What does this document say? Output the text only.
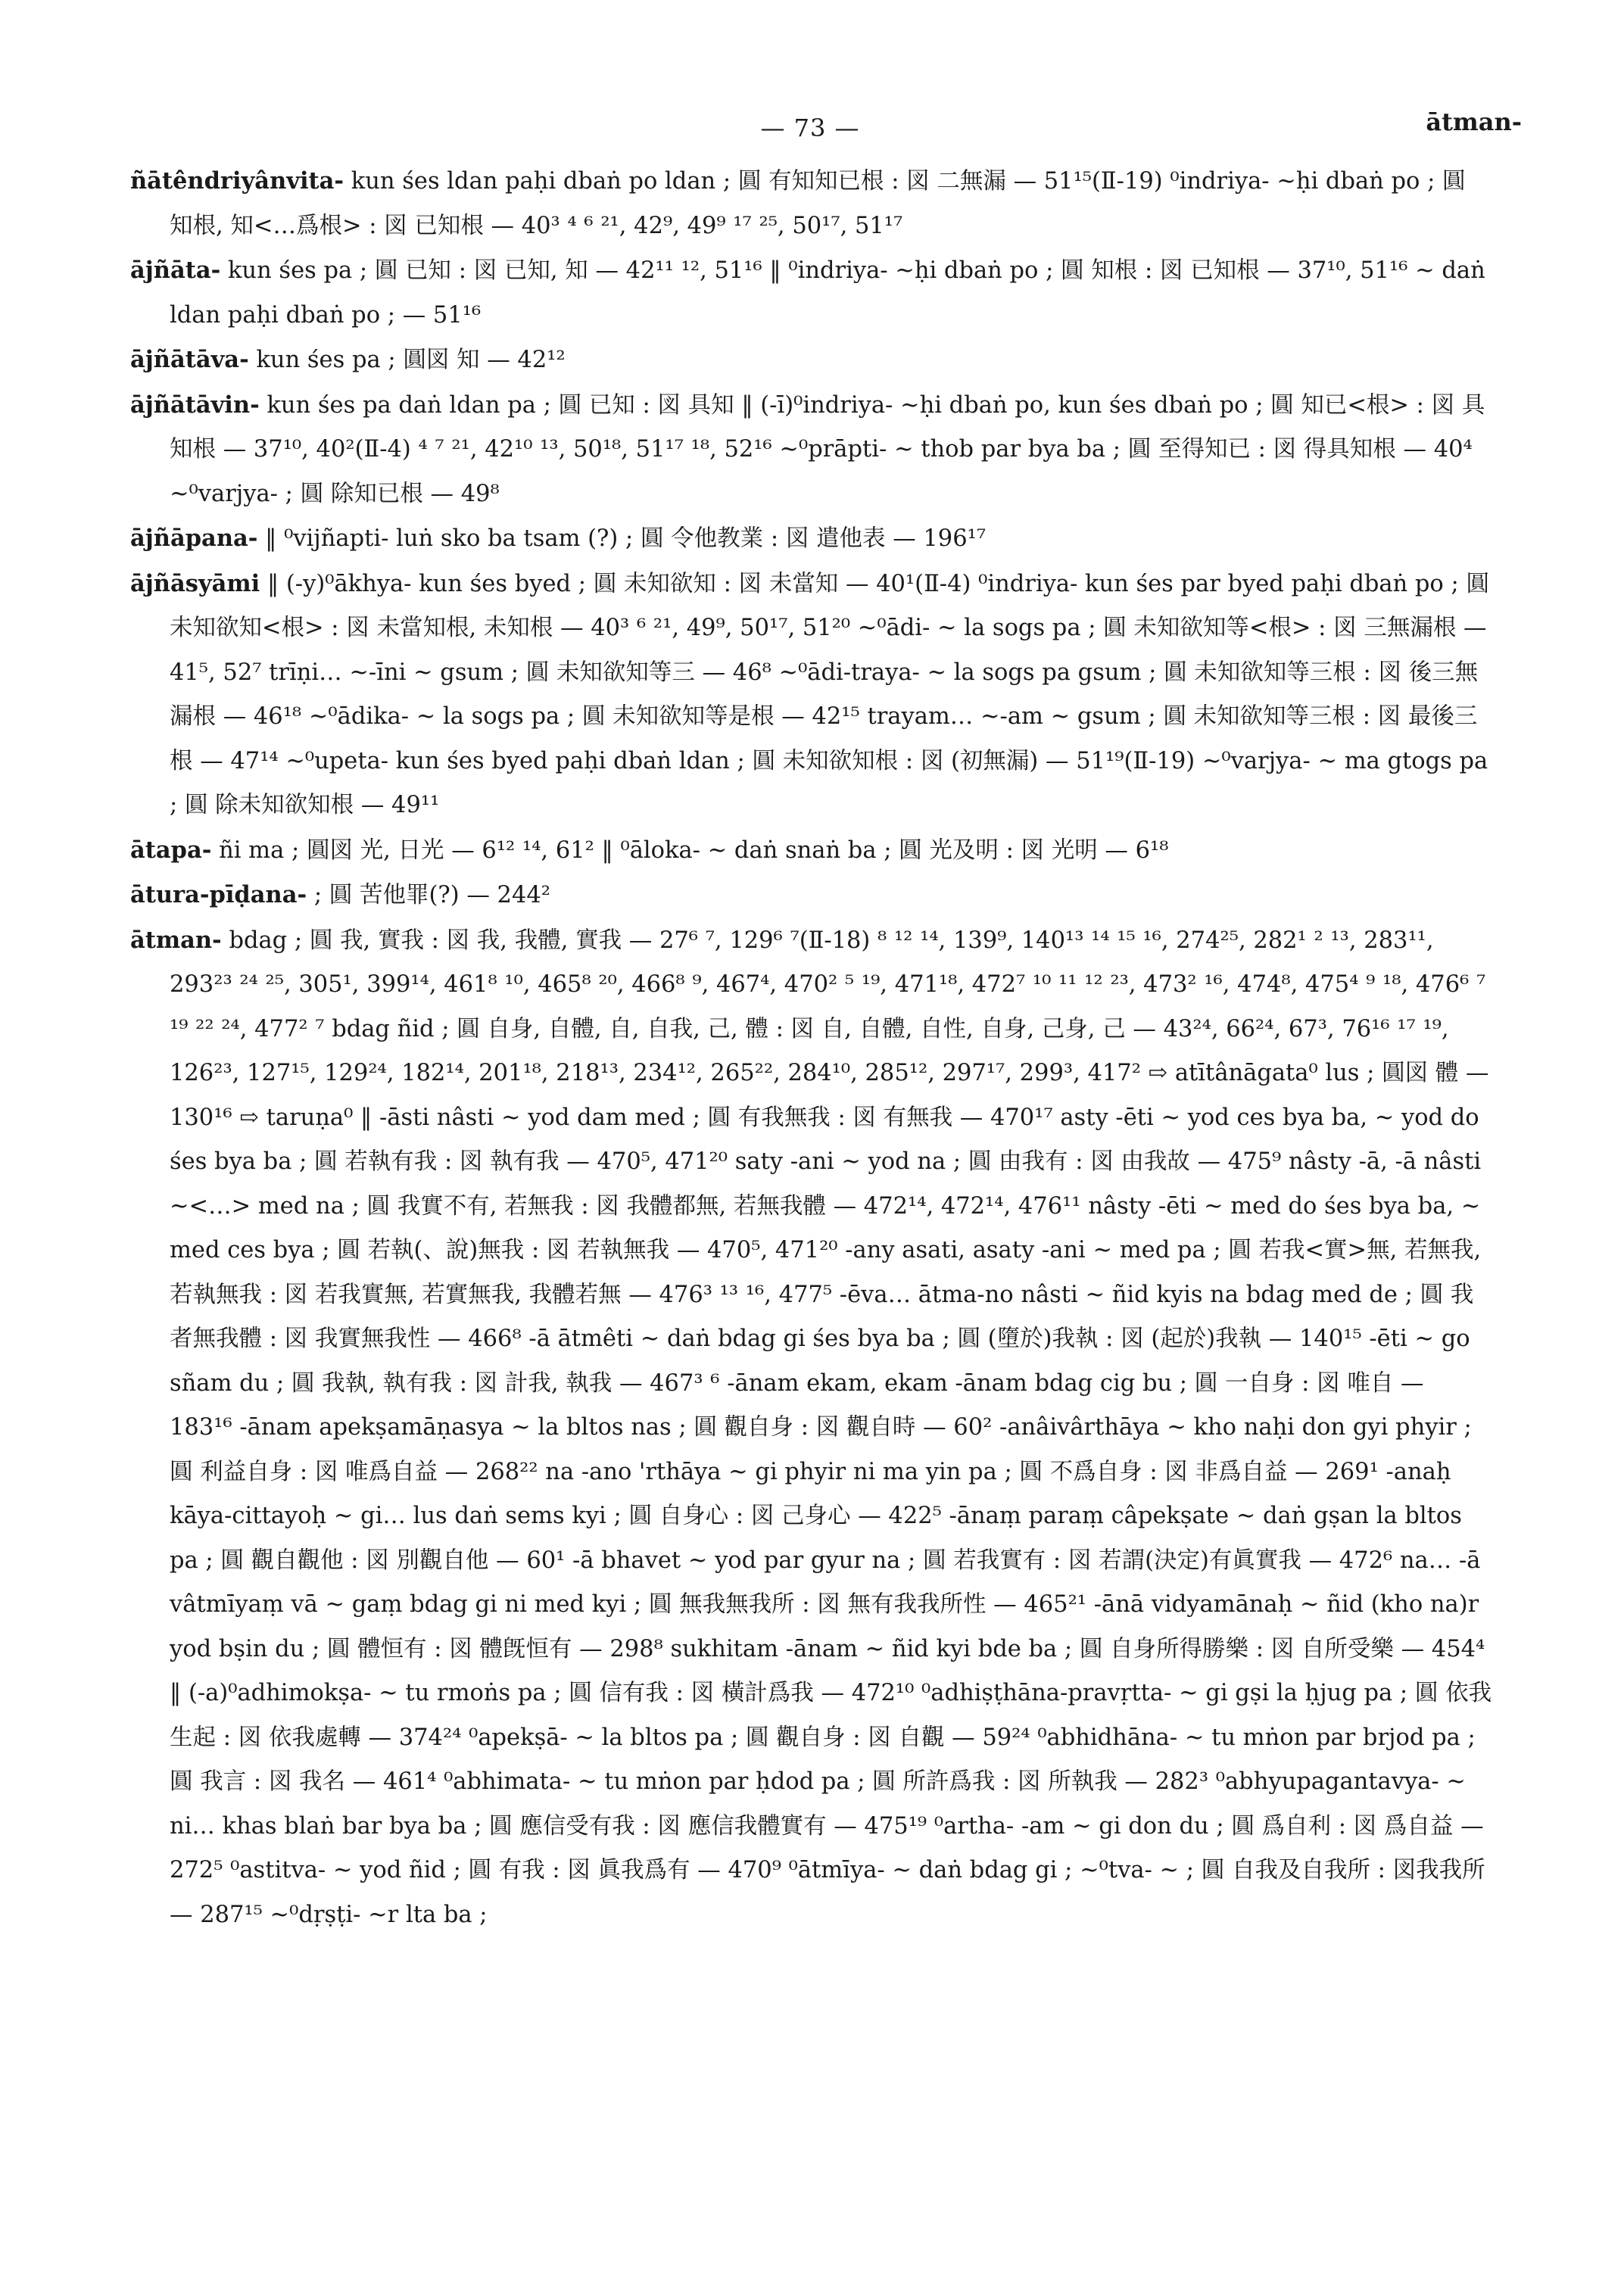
— 73 —	ātman-
ñātêndriyânvita- kun śes ldan paḥi dbaṅ po ldan ; 圓 有知知已根 : 図 二無漏 — 51¹⁵(Ⅱ-19) ⁰indriya- ~ḥi dbaṅ po ; 圓 知根, 知<…爲根> : 図 已知根 — 40³ ⁴ ⁶ ²¹, 42⁹, 49⁹ ¹⁷ ²⁵, 50¹⁷, 51¹⁷
ājñāta- kun śes pa ; 圓 已知 : 図 已知, 知 — 42¹¹ ¹², 51¹⁶ ‖ ⁰indriya- ~ḥi dbaṅ po ; 圓 知根 : 図 已知根 — 37¹⁰, 51¹⁶ ~ daṅ ldan paḥi dbaṅ po ; — 51¹⁶
ājñātāva- kun śes pa ; 圓図 知 — 42¹²
ājñātāvin- kun śes pa daṅ ldan pa ; 圓 已知 : 図 具知 ‖ (-ī)⁰indriya- ~ḥi dbaṅ po, kun śes dbaṅ po ; 圓 知已<根> : 図 具知根 — 37¹⁰, 40²(Ⅱ-4) ⁴ ⁷ ²¹, 42¹⁰ ¹³, 50¹⁸, 51¹⁷ ¹⁸, 52¹⁶ ~⁰prāpti- ~ thob par bya ba ; 圓 至得知已 : 図 得具知根 — 40⁴ ~⁰varjya- ; 圓 除知已根 — 49⁸
ājñāpana- ‖ ⁰vijñapti- luṅ sko ba tsam (?) ; 圓 令他教業 : 図 遣他表 — 196¹⁷
ājñāsyāmi ‖ (-y)⁰ākhya- kun śes byed ; 圓 未知欲知 : 図 未當知 — 40¹(Ⅱ-4) ⁰indriya- kun śes par byed paḥi dbaṅ po ; 圓 未知欲知<根> : 図 未當知根, 未知根 — 40³ ⁶ ²¹, 49⁹, 50¹⁷, 51²⁰ ~⁰ādi- ~ la sogs pa ; 圓 未知欲知等<根> : 図 三無漏根 — 41⁵, 52⁷ trīṇi… ~-īni ~ gsum ; 圓 未知欲知等三 — 46⁸ ~⁰ādi-traya- ~ la sogs pa gsum ; 圓 未知欲知等三根 : 図 後三無漏根 — 46¹⁸ ~⁰ādika- ~ la sogs pa ; 圓 未知欲知等是根 — 42¹⁵ trayam… ~-am ~ gsum ; 圓 未知欲知等三根 : 図 最後三根 — 47¹⁴ ~⁰upeta- kun śes byed paḥi dbaṅ ldan ; 圓 未知欲知根 : 図 (初無漏) — 51¹⁹(Ⅱ-19) ~⁰varjya- ~ ma gtogs pa ; 圓 除未知欲知根 — 49¹¹
ātapa- ñi ma ; 圓図 光, 日光 — 6¹² ¹⁴, 61² ‖ ⁰āloka- ~ daṅ snaṅ ba ; 圓 光及明 : 図 光明 — 6¹⁸
ātura-pīḍana- ; 圓 苦他罪(?) — 244²
ātman- bdag ; 圓 我, 實我 : 図 我, 我體, 實我 — 27⁶ ⁷, 129⁶ ⁷(Ⅱ-18) ⁸ ¹² ¹⁴, 139⁹, 140¹³ ¹⁴ ¹⁵ ¹⁶, 274²⁵, 282¹ ² ¹³, 283¹¹, 293²³ ²⁴ ²⁵, 305¹, 399¹⁴, 461⁸ ¹⁰, 465⁸ ²⁰, 466⁸ ⁹, 467⁴, 470² ⁵ ¹⁹, 471¹⁸, 472⁷ ¹⁰ ¹¹ ¹² ²³, 473² ¹⁶, 474⁸, 475⁴ ⁹ ¹⁸, 476⁶ ⁷ ¹⁹ ²² ²⁴, 477² ⁷ bdag ñid ; 圓 自身, 自體, 自, 自我, 己, 體 : 図 自, 自體, 自性, 自身, 己身, 己 — 43²⁴, 66²⁴, 67³, 76¹⁶ ¹⁷ ¹⁹, 126²³, 127¹⁵, 129²⁴, 182¹⁴, 201¹⁸, 218¹³, 234¹², 265²², 284¹⁰, 285¹², 297¹⁷, 299³, 417² ⇨ atītânāgata⁰ lus ; 圓図 體 — 130¹⁶ ⇨ taruṇa⁰ ‖ -āsti nâsti ~ yod dam med ; 圓 有我無我 : 図 有無我 — 470¹⁷ asty -ēti ~ yod ces bya ba, ~ yod do śes bya ba ; 圓 若執有我 : 図 執有我 — 470⁵, 471²⁰ saty -ani ~ yod na ; 圓 由我有 : 図 由我故 — 475⁹ nâsty -ā, -ā nâsti ~<…> med na ; 圓 我實不有, 若無我 : 図 我體都無, 若無我體 — 472¹⁴, 472¹⁴, 476¹¹ nâsty -ēti ~ med do śes bya ba, ~ med ces bya ; 圓 若執(、說)無我 : 図 若執無我 — 470⁵, 471²⁰ -any asati, asaty -ani ~ med pa ; 圓 若我<實>無, 若無我, 若執無我 : 図 若我實無, 若實無我, 我體若無 — 476³ ¹³ ¹⁶, 477⁵ -ēva… ātma-no nâsti ~ ñid kyis na bdag med de ; 圓 我者無我體 : 図 我實無我性 — 466⁸ -ā ātmêti ~ daṅ bdag gi śes bya ba ; 圓 (墮於)我執 : 図 (起於)我執 — 140¹⁵ -ēti ~ go sñam du ; 圓 我執, 執有我 : 図 計我, 執我 — 467³ ⁶ -ānam ekam, ekam -ānam bdag cig bu ; 圓 一自身 : 図 唯自 — 183¹⁶ -ānam apekṣamāṇasya ~ la bltos nas ; 圓 觀自身 : 図 觀自時 — 60² -anâivârthāya ~ kho naḥi don gyi phyir ; 圓 利益自身 : 図 唯爲自益 — 268²² na -ano 'rthāya ~ gi phyir ni ma yin pa ; 圓 不爲自身 : 図 非爲自益 — 269¹ -anaḥ kāya-cittayoḥ ~ gi… lus daṅ sems kyi ; 圓 自身心 : 図 己身心 — 422⁵ -ānaṃ paraṃ câpekṣate ~ daṅ gṣan la bltos pa ; 圓 觀自觀他 : 図 別觀自他 — 60¹ -ā bhavet ~ yod par gyur na ; 圓 若我實有 : 図 若謂(決定)有眞實我 — 472⁶ na… -ā vâtmīyaṃ vā ~ gaṃ bdag gi ni med kyi ; 圓 無我無我所 : 図 無有我我所性 — 465²¹ -ānā vidyamānaḥ ~ ñid (kho na)r yod bṣin du ; 圓 體恒有 : 図 體旣恒有 — 298⁸ sukhitam -ānam ~ ñid kyi bde ba ; 圓 自身所得勝樂 : 図 自所受樂 — 454⁴ ‖ (-a)⁰adhimokṣa- ~ tu rmoṅs pa ; 圓 信有我 : 図 橫計爲我 — 472¹⁰ ⁰adhiṣṭhāna-pravṛtta- ~ gi gṣi la ḥjug pa ; 圓 依我生起 : 図 依我處轉 — 374²⁴ ⁰apekṣā- ~ la bltos pa ; 圓 觀自身 : 図 自觀 — 59²⁴ ⁰abhidhāna- ~ tu mṅon par brjod pa ; 圓 我言 : 図 我名 — 461⁴ ⁰abhimata- ~ tu mṅon par ḥdod pa ; 圓 所許爲我 : 図 所執我 — 282³ ⁰abhyupagantavya- ~ ni… khas blaṅ bar bya ba ; 圓 應信受有我 : 図 應信我體實有 — 475¹⁹ ⁰artha- -am ~ gi don du ; 圓 爲自利 : 図 爲自益 — 272⁵ ⁰astitva- ~ yod ñid ; 圓 有我 : 図 眞我爲有 — 470⁹ ⁰ātmīya- ~ daṅ bdag gi ; ~⁰tva- ~ ; 圓 自我及自我所 : 図我我所 — 287¹⁵ ~⁰dṛṣṭi- ~r lta ba ;
